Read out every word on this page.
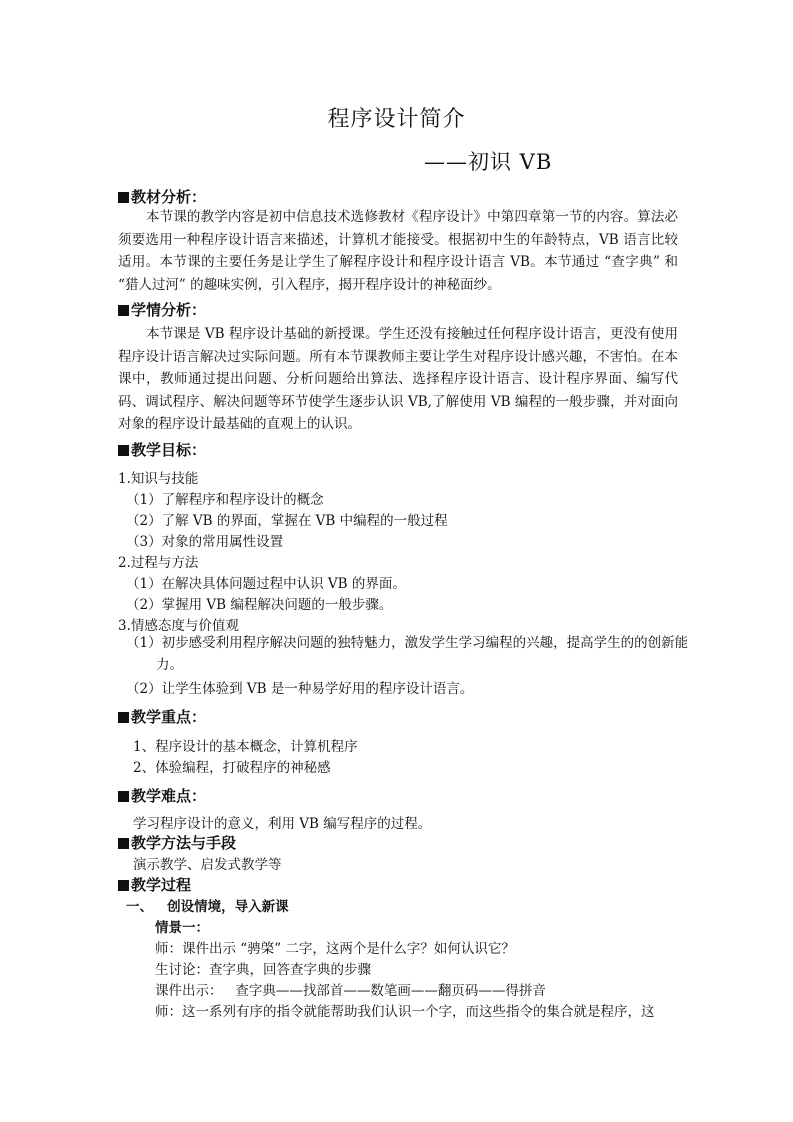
程序设计简介
——初识 VB
教材分析：
本节课的教学内容是初中信息技术选修教材《程序设计》中第四章第一节的内容。算法必须要选用一种程序设计语言来描述，计算机才能接受。根据初中生的年龄特点，VB 语言比较适用。本节课的主要任务是让学生了解程序设计和程序设计语言 VB。本节通过 “查字典” 和 “猎人过河” 的趣味实例，引入程序，揭开程序设计的神秘面纱。
学情分析：
本节课是 VB 程序设计基础的新授课。学生还没有接触过任何程序设计语言，更没有使用程序设计语言解决过实际问题。所有本节课教师主要让学生对程序设计感兴趣，不害怕。在本课中，教师通过提出问题、分析问题给出算法、选择程序设计语言、设计程序界面、编写代码、调试程序、解决问题等环节使学生逐步认识 VB,了解使用 VB 编程的一般步骤，并对面向对象的程序设计最基础的直观上的认识。
教学目标：
1.知识与技能
（1）了解程序和程序设计的概念
（2）了解 VB 的界面，掌握在 VB 中编程的一般过程
（3）对象的常用属性设置
2.过程与方法
（1）在解决具体问题过程中认识 VB 的界面。
（2）掌握用 VB 编程解决问题的一般步骤。
3.情感态度与价值观
（1）初步感受利用程序解决问题的独特魅力，激发学生学习编程的兴趣，提高学生的的创新能力。
（2）让学生体验到 VB 是一种易学好用的程序设计语言。
教学重点：
1、程序设计的基本概念，计算机程序
2、体验编程，打破程序的神秘感
教学难点：
学习程序设计的意义，利用 VB 编写程序的过程。
教学方法与手段
演示教学、启发式教学等
教学过程
一、   创设情境，导入新课
情景一：
师：课件出示 “骋棨” 二字，这两个是什么字？如何认识它？
生讨论：查字典，回答查字典的步骤
课件出示：   查字典——找部首——数笔画——翻页码——得拼音
师：这一系列有序的指令就能帮助我们认识一个字，而这些指令的集合就是程序，这
